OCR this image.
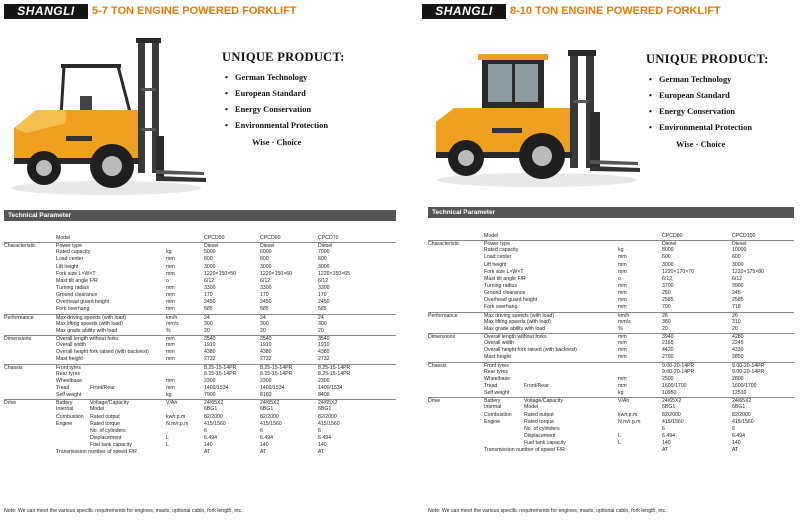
SHANGLI	5-7 TON ENGINE POWERED FORKLIFT
UNIQUE PRODUCT:
• German Technology
• European Standard
• Energy Conservation
• Environmental Protection
Wise · Choice
Technical Parameter
Model	CPCD50	CPCD60	CPCD70
Characteristic	Power type	Diesel	Diesel	Diesel
Rated capacity	kg	5000	6000	7000
Load center	mm	600	600	600
Lift height	mm	3000	3000	3000
Fork size L×W×T	mm	1220×150×50	1220×150×60	1220×150×65
Mast tilt angle F/R	o	6/12	6/12	6/12
Turning radius	mm	3300	3300	3300
Ground clearance	mm	170	170	170
Overhead guard height	mm	2450	2450	2450
Fork overhang	mm	585	585	585
Performance	Max driving speeds (with load)	km/h	24	24	24
Max lifting speeds (with load)	mm/s	300	300	300
Max grade ability with load	%	20	20	20
Dimensions	Overall length without forks	mm	3540	3540	3540
Overall width	mm	1910	1910	1910
Overall height fork raised (with backrest)	mm	4380	4380	4380
Mast height	mm	2732	2732	2732
Chassis	Front tyres	8.25-15-14PR	8.25-15-14PR	8.25-15-14PR
Rear tyres	8.25-15-14PR	8.25-15-14PR	8.25-15-14PR
Wheelbase	mm	2300	2300	2300
Tread	Front/Rear	mm	1400/1534	1400/1534	1400/1534
Self weight	kg	7900	8160	8400
Drive	Battery	Voltage/Capacity	V/Ah	24/65X2	24/65X2	24/65X2
Internal	Model	6BG1	6BG1	6BG1
Combustion Rated output	kw/r.p.m	82/2000	82/2000	82/2000
Engine	Rated torque	N.m/r.p.m	415/1560	415/1560	415/1560
No. of cylinders	6	6	6
Displacement	L	6.494	6.494	6.494
Fuel tank capacity	L	140	140	140
Transmission number of speed F/R	AT	AT	AT
Note: We can meet the various specific requirements for engines, masts, optional cabin, fork length, etc.
SHANGLI	8-10 TON ENGINE POWERED FORKLIFT
UNIQUE PRODUCT:
• German Technology
• European Standard
• Energy Conservation
• Environmental Protection
Wise · Choice
Technical Parameter
Model	CPCD80	CPCD100
Characteristic	Power type	Diesel	Diesel
Rated capacity	kg	8000	10000
Load center	mm	600	600
Lift height	mm	3000	3000
Fork size L×W×T	mm	1220×170×70	1220×175×80
Mast tilt angle F/R	o	6/12	6/12
Turning radius	mm	3700	3900
Ground clearance	mm	250	245
Overhead guard height	mm	2585	2585
Fork overhang	mm	700	718
Performance	Max driving speeds (with load)	km/h	26	26
Max lifting speeds (with load)	mm/s	380	310
Max grade ability with load	%	20	20
Dimensions	Overall length without forks	mm	3940	4280
Overall width	mm	2165	2245
Overall height fork raised (with backrest)	mm	4420	4330
Mast height	mm	2700	2850
Chassis	Front tyres	9.00-20-14PR	9.00-20-14PR
Rear tyres	9.00-20-14PR	9.00-20-14PR
Wheelbase	mm	2500	2800
Tread	Front/Rear	mm	1600/1700	1600/1700
Self weight	kg	10950	12510
Drive	Battery	Voltage/Capacity	V/Ah	24/65X2	24/65X2
Internal	Model	6BG1	6BG1
Combustion Rated output	kw/r.p.m	82/2000	82/2000
Engine	Rated torque	N.m/r.p.m	415/1560	415/1560
No. of cylinders	6	6
Displacement	L	6.494	6.494
Fuel tank capacity	L	140	140
Transmission number of speed F/R	AT	AT
Note: We can meet the various specific requirements for engines, masts, optional cabin, fork length, etc.
